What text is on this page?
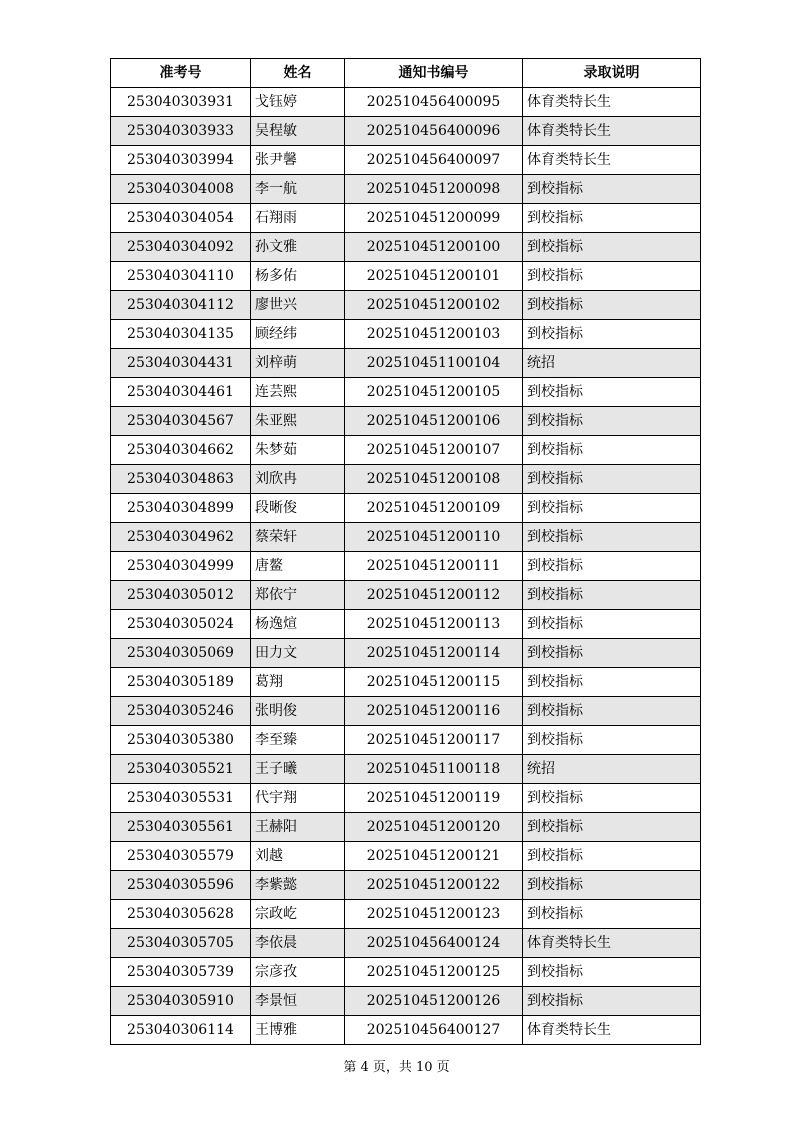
准考号	姓名	通知书编号	录取说明
253040303931	戈钰婷	202510456400095	体育类特长生
253040303933	吴程敏	202510456400096	体育类特长生
253040303994	张尹馨	202510456400097	体育类特长生
253040304008	李一航	202510451200098	到校指标
253040304054	石翔雨	202510451200099	到校指标
253040304092	孙文雅	202510451200100	到校指标
253040304110	杨多佑	202510451200101	到校指标
253040304112	廖世兴	202510451200102	到校指标
253040304135	顾经纬	202510451200103	到校指标
253040304431	刘梓萌	202510451100104	统招
253040304461	连芸熙	202510451200105	到校指标
253040304567	朱亚熙	202510451200106	到校指标
253040304662	朱梦茹	202510451200107	到校指标
253040304863	刘欣冉	202510451200108	到校指标
253040304899	段晰俊	202510451200109	到校指标
253040304962	蔡荣轩	202510451200110	到校指标
253040304999	唐鳌	202510451200111	到校指标
253040305012	郑依宁	202510451200112	到校指标
253040305024	杨逸煊	202510451200113	到校指标
253040305069	田力文	202510451200114	到校指标
253040305189	葛翔	202510451200115	到校指标
253040305246	张明俊	202510451200116	到校指标
253040305380	李至臻	202510451200117	到校指标
253040305521	王子曦	202510451100118	统招
253040305531	代宇翔	202510451200119	到校指标
253040305561	王赫阳	202510451200120	到校指标
253040305579	刘越	202510451200121	到校指标
253040305596	李紫懿	202510451200122	到校指标
253040305628	宗政屹	202510451200123	到校指标
253040305705	李依晨	202510456400124	体育类特长生
253040305739	宗彦孜	202510451200125	到校指标
253040305910	李景恒	202510451200126	到校指标
253040306114	王博雅	202510456400127	体育类特长生
第 4 页，共 10 页
